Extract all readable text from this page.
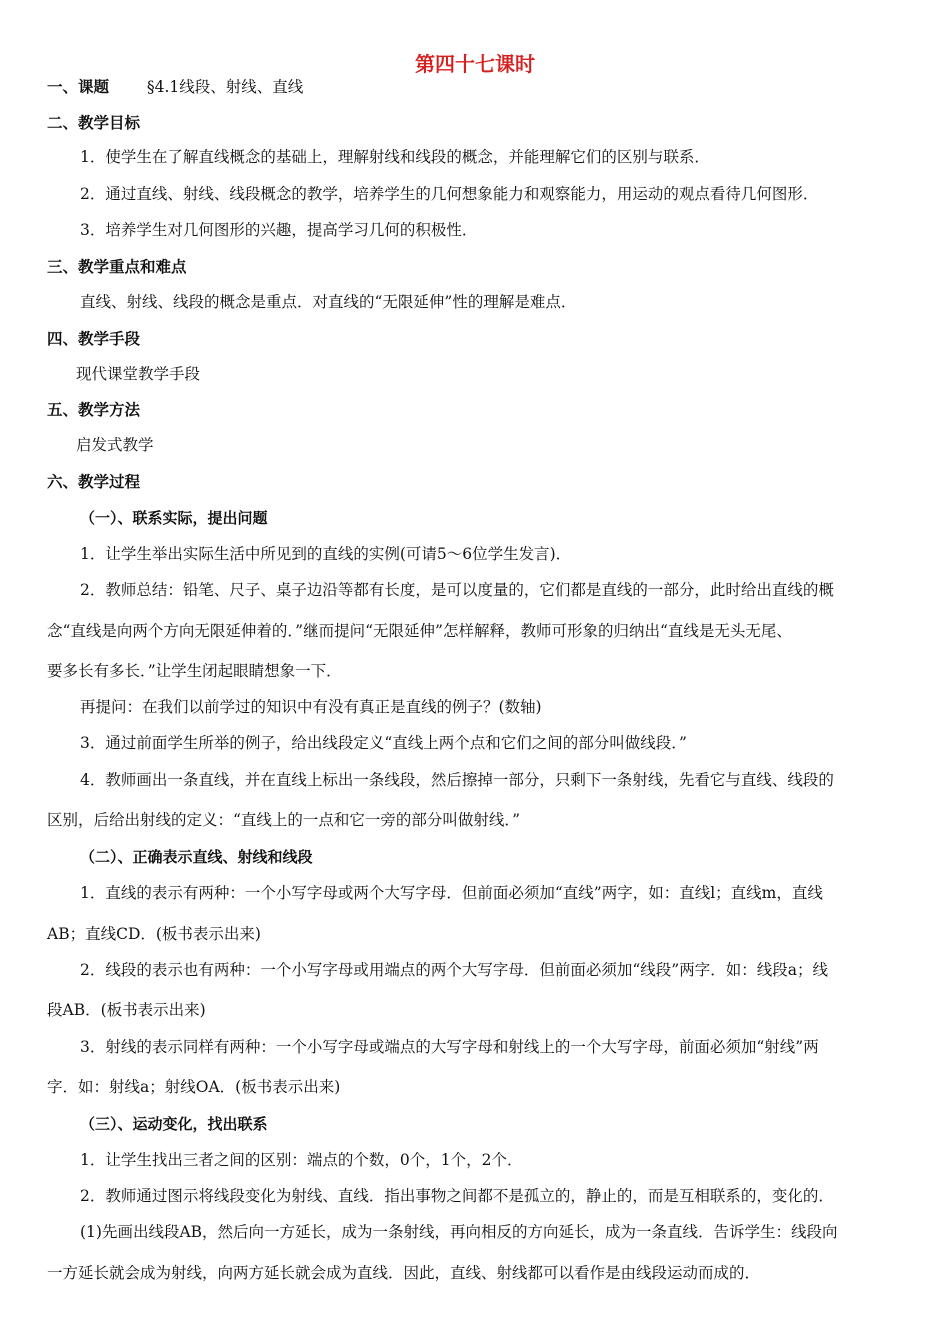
第四十七课时
一、课题 §4.1线段、射线、直线
二、教学目标
1．使学生在了解直线概念的基础上，理解射线和线段的概念，并能理解它们的区别与联系．
2．通过直线、射线、线段概念的教学，培养学生的几何想象能力和观察能力，用运动的观点看待几何图形．
3．培养学生对几何图形的兴趣，提高学习几何的积极性．
三、教学重点和难点
直线、射线、线段的概念是重点．对直线的“无限延伸”性的理解是难点．
四、教学手段
现代课堂教学手段
五、教学方法
启发式教学
六、教学过程
（一）、联系实际，提出问题
1．让学生举出实际生活中所见到的直线的实例(可请5～6位学生发言)．
2．教师总结：铅笔、尺子、桌子边沿等都有长度，是可以度量的，它们都是直线的一部分，此时给出直线的概
念“直线是向两个方向无限延伸着的．”继而提问“无限延伸”怎样解释，教师可形象的归纳出“直线是无头无尾、
要多长有多长．”让学生闭起眼睛想象一下．
再提问：在我们以前学过的知识中有没有真正是直线的例子？(数轴)
3．通过前面学生所举的例子，给出线段定义“直线上两个点和它们之间的部分叫做线段．”
4．教师画出一条直线，并在直线上标出一条线段，然后擦掉一部分，只剩下一条射线，先看它与直线、线段的
区别，后给出射线的定义：“直线上的一点和它一旁的部分叫做射线．”
（二）、正确表示直线、射线和线段
1．直线的表示有两种：一个小写字母或两个大写字母．但前面必须加“直线”两字，如：直线l；直线m，直线
AB；直线CD．(板书表示出来)
2．线段的表示也有两种：一个小写字母或用端点的两个大写字母．但前面必须加“线段”两字．如：线段a；线
段AB．(板书表示出来)
3．射线的表示同样有两种：一个小写字母或端点的大写字母和射线上的一个大写字母，前面必须加“射线”两
字．如：射线a；射线OA．(板书表示出来)
（三）、运动变化，找出联系
1．让学生找出三者之间的区别：端点的个数，0个，1个，2个．
2．教师通过图示将线段变化为射线、直线．指出事物之间都不是孤立的，静止的，而是互相联系的，变化的．
(1)先画出线段AB，然后向一方延长，成为一条射线，再向相反的方向延长，成为一条直线．告诉学生：线段向
一方延长就会成为射线，向两方延长就会成为直线．因此，直线、射线都可以看作是由线段运动而成的．
